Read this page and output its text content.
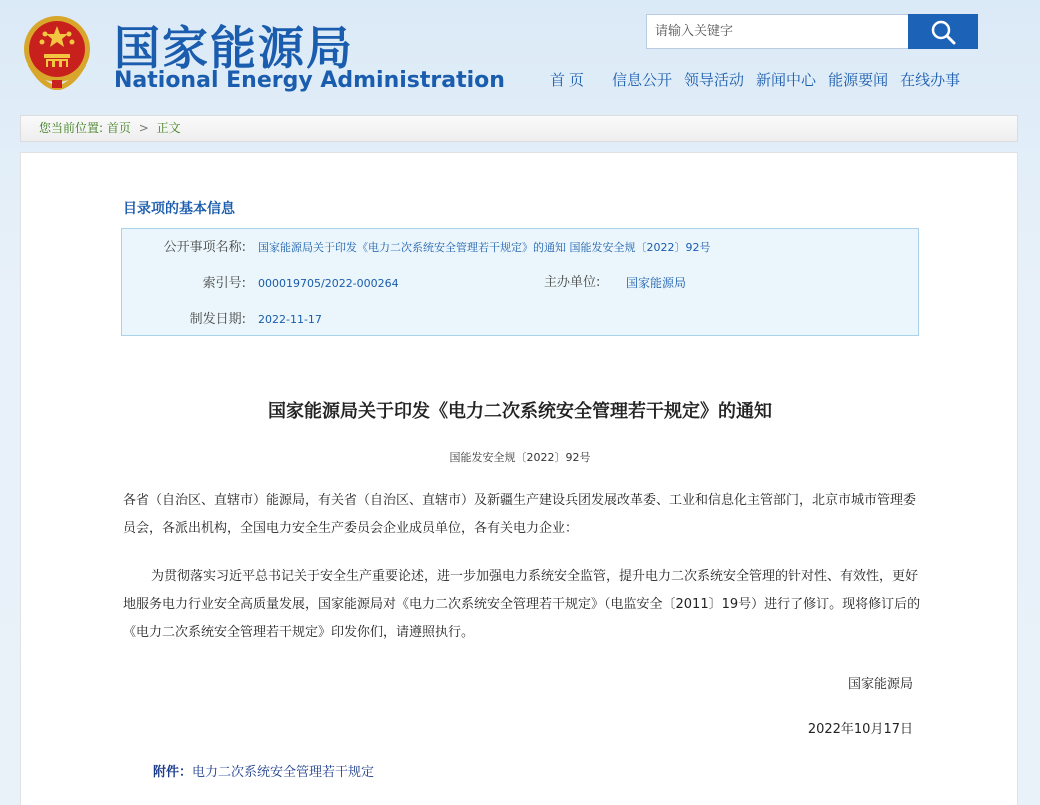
国家能源局
National Energy Administration
请输入关键字	首页 信息公开 领导活动 新闻中心 能源要闻 在线办事
您当前位置: 首页 > 正文
目录项的基本信息
公开事项名称: 国家能源局关于印发《电力二次系统安全管理若干规定》的通知 国能发安全规〔2022〕92号
索引号: 000019705/2022-000264	主办单位: 国家能源局
制发日期: 2022-11-17
国家能源局关于印发《电力二次系统安全管理若干规定》的通知
国能发安全规〔2022〕92号
各省（自治区、直辖市）能源局，有关省（自治区、直辖市）及新疆生产建设兵团发展改革委、工业和信息化主管部门，北京市城市管理委员会，各派出机构，全国电力安全生产委员会企业成员单位，各有关电力企业：
为贯彻落实习近平总书记关于安全生产重要论述，进一步加强电力系统安全监管，提升电力二次系统安全管理的针对性、有效性，更好地服务电力行业安全高质量发展，国家能源局对《电力二次系统安全管理若干规定》（电监安全〔2011〕19号）进行了修订。现将修订后的《电力二次系统安全管理若干规定》印发你们，请遵照执行。
国家能源局
2022年10月17日
附件：电力二次系统安全管理若干规定
